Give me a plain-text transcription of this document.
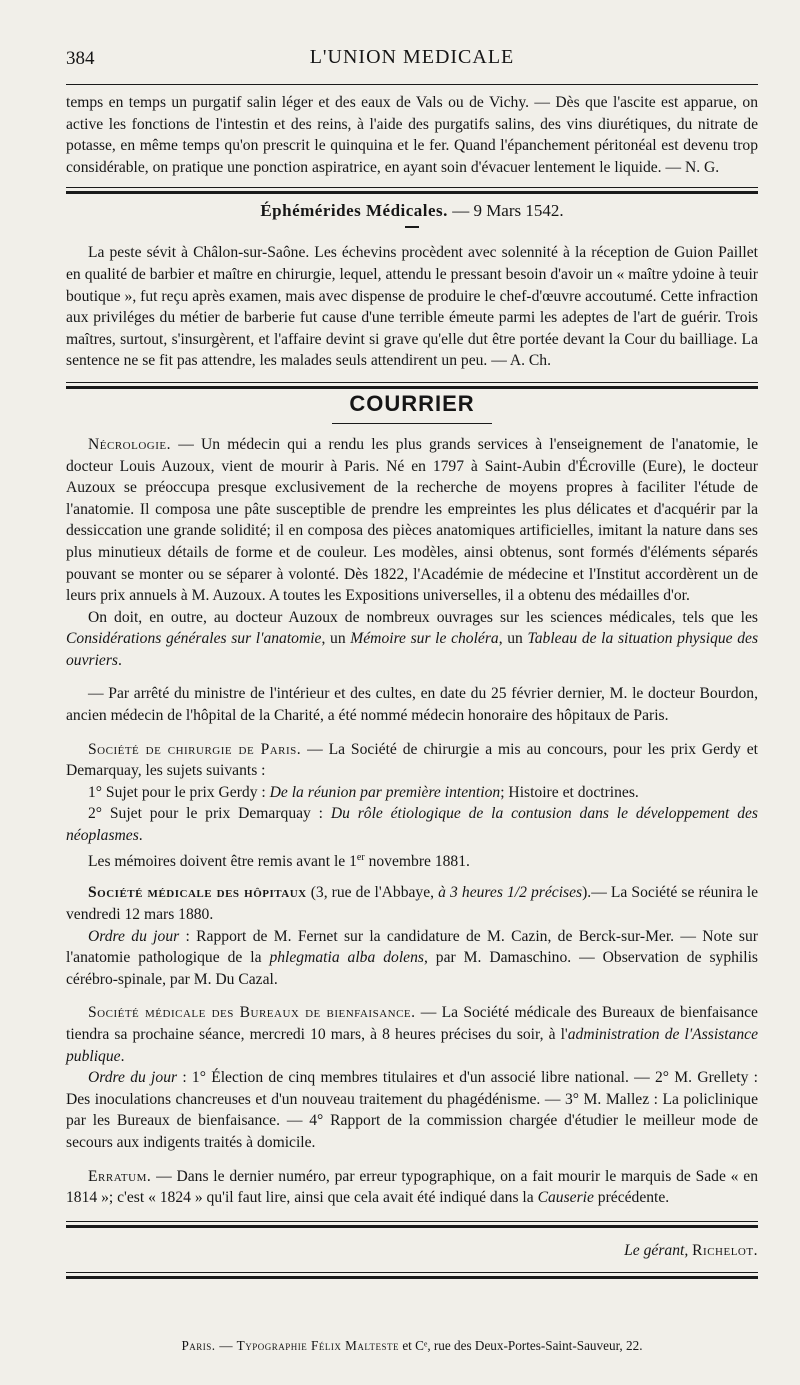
384	L'UNION MEDICALE

temps en temps un purgatif salin léger et des eaux de Vals ou de Vichy. — Dès que l'ascite est apparue, on active les fonctions de l'intestin et des reins, à l'aide des purgatifs salins, des vins diurétiques, du nitrate de potasse, en même temps qu'on prescrit le quinquina et le fer. Quand l'épanchement péritonéal est devenu trop considérable, on pratique une ponction aspiratrice, en ayant soin d'évacuer lentement le liquide. — N. G.

Éphémérides Médicales. — 9 Mars 1542.

La peste sévit à Châlon-sur-Saône. Les échevins procèdent avec solennité à la réception de Guion Paillet en qualité de barbier et maître en chirurgie, lequel, attendu le pressant besoin d'avoir un « maître ydoine à teuir boutique », fut reçu après examen, mais avec dispense de produire le chef-d'œuvre accoutumé. Cette infraction aux priviléges du métier de barberie fut cause d'une terrible émeute parmi les adeptes de l'art de guérir. Trois maîtres, surtout, s'insurgèrent, et l'affaire devint si grave qu'elle dut être portée devant la Cour du bailliage. La sentence ne se fit pas attendre, les malades seuls attendirent un peu. — A. Ch.

COURRIER

Nécrologie. — Un médecin qui a rendu les plus grands services à l'enseignement de l'anatomie, le docteur Louis Auzoux, vient de mourir à Paris. Né en 1797 à Saint-Aubin d'Écroville (Eure), le docteur Auzoux se préoccupa presque exclusivement de la recherche de moyens propres à faciliter l'étude de l'anatomie. Il composa une pâte susceptible de prendre les empreintes les plus délicates et d'acquérir par la dessiccation une grande solidité; il en composa des pièces anatomiques artificielles, imitant la nature dans ses plus minutieux détails de forme et de couleur. Les modèles, ainsi obtenus, sont formés d'éléments séparés pouvant se monter ou se séparer à volonté. Dès 1822, l'Académie de médecine et l'Institut accordèrent un de leurs prix annuels à M. Auzoux. A toutes les Expositions universelles, il a obtenu des médailles d'or.

On doit, en outre, au docteur Auzoux de nombreux ouvrages sur les sciences médicales, tels que les Considérations générales sur l'anatomie, un Mémoire sur le choléra, un Tableau de la situation physique des ouvriers.

— Par arrêté du ministre de l'intérieur et des cultes, en date du 25 février dernier, M. le docteur Bourdon, ancien médecin de l'hôpital de la Charité, a été nommé médecin honoraire des hôpitaux de Paris.

Société de chirurgie de Paris. — La Société de chirurgie a mis au concours, pour les prix Gerdy et Demarquay, les sujets suivants :

1° Sujet pour le prix Gerdy : De la réunion par première intention; Histoire et doctrines.

2° Sujet pour le prix Demarquay : Du rôle étiologique de la contusion dans le développement des néoplasmes.

Les mémoires doivent être remis avant le 1er novembre 1881.

Société médicale des hôpitaux (3, rue de l'Abbaye, à 3 heures 1/2 précises).— La Société se réunira le vendredi 12 mars 1880.

Ordre du jour : Rapport de M. Fernet sur la candidature de M. Cazin, de Berck-sur-Mer. — Note sur l'anatomie pathologique de la phlegmatia alba dolens, par M. Damaschino. — Observation de syphilis cérébro-spinale, par M. Du Cazal.

Société médicale des Bureaux de bienfaisance. — La Société médicale des Bureaux de bienfaisance tiendra sa prochaine séance, mercredi 10 mars, à 8 heures précises du soir, à l'administration de l'Assistance publique.

Ordre du jour : 1° Élection de cinq membres titulaires et d'un associé libre national. — 2° M. Grellety : Des inoculations chancreuses et d'un nouveau traitement du phagédénisme. — 3° M. Mallez : La policlinique par les Bureaux de bienfaisance. — 4° Rapport de la commission chargée d'étudier le meilleur mode de secours aux indigents traités à domicile.

Erratum. — Dans le dernier numéro, par erreur typographique, on a fait mourir le marquis de Sade « en 1814 »; c'est « 1824 » qu'il faut lire, ainsi que cela avait été indiqué dans la Causerie précédente.

Le gérant, Richelot.
Paris. — Typographie Félix Malteste et Cᵉ, rue des Deux-Portes-Saint-Sauveur, 22.
